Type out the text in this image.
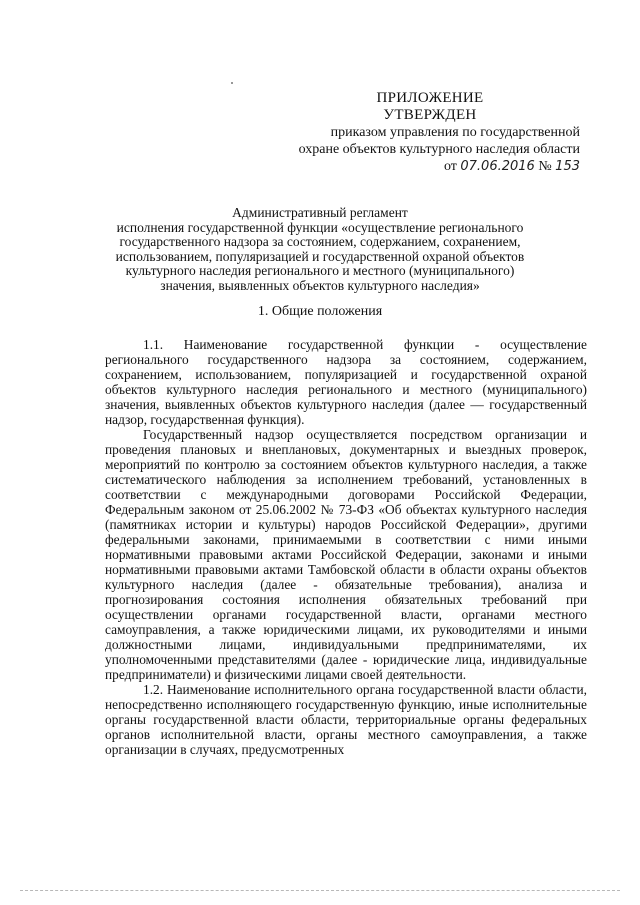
ПРИЛОЖЕНИЕ
УТВЕРЖДЕН
приказом управления по государственной
охране объектов культурного наследия области
от 07.06.2016 № 153
Административный регламент
исполнения государственной функции «осуществление регионального государственного надзора за состоянием, содержанием, сохранением, использованием, популяризацией и государственной охраной объектов культурного наследия регионального и местного (муниципального) значения, выявленных объектов культурного наследия»
1. Общие положения

1.1. Наименование государственной функции - осуществление регионального государственного надзора за состоянием, содержанием, сохранением, использованием, популяризацией и государственной охраной объектов культурного наследия регионального и местного (муниципального) значения, выявленных объектов культурного наследия (далее — государственный надзор, государственная функция).

Государственный надзор осуществляется посредством организации и проведения плановых и внеплановых, документарных и выездных проверок, мероприятий по контролю за состоянием объектов культурного наследия, а также систематического наблюдения за исполнением требований, установленных в соответствии с международными договорами Российской Федерации, Федеральным законом от 25.06.2002 № 73-ФЗ «Об объектах культурного наследия (памятниках истории и культуры) народов Российской Федерации», другими федеральными законами, принимаемыми в соответствии с ними иными нормативными правовыми актами Российской Федерации, законами и иными нормативными правовыми актами Тамбовской области в области охраны объектов культурного наследия (далее - обязательные требования), анализа и прогнозирования состояния исполнения обязательных требований при осуществлении органами государственной власти, органами местного самоуправления, а также юридическими лицами, их руководителями и иными должностными лицами, индивидуальными предпринимателями, их уполномоченными представителями (далее - юридические лица, индивидуальные предприниматели) и физическими лицами своей деятельности.

1.2. Наименование исполнительного органа государственной власти области, непосредственно исполняющего государственную функцию, иные исполнительные органы государственной власти области, территориальные органы федеральных органов исполнительной власти, органы местного самоуправления, а также организации в случаях, предусмотренных
